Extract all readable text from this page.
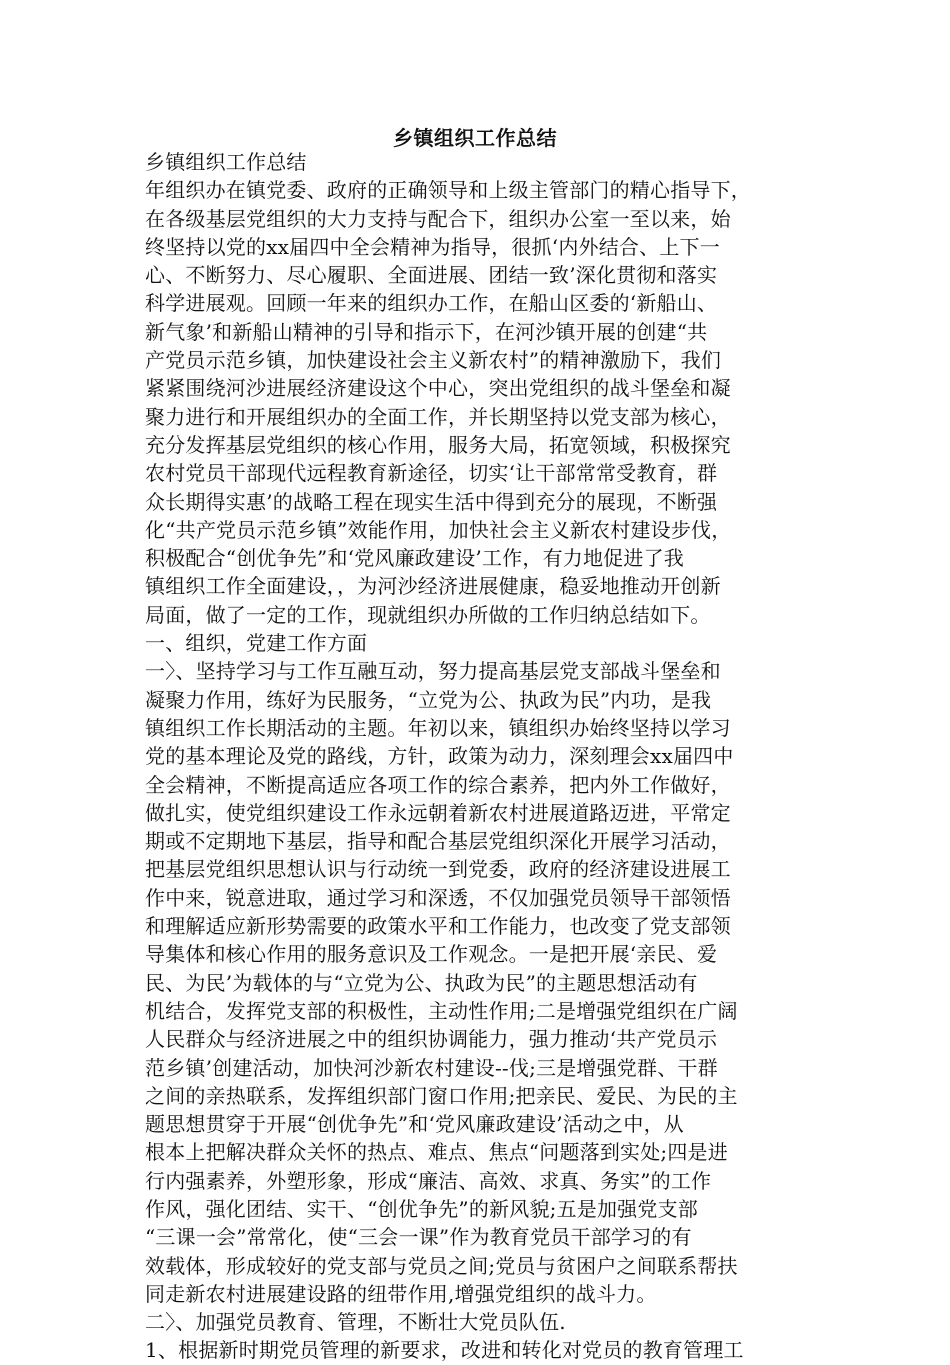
乡镇组织工作总结
乡镇组织工作总结
年组织办在镇党委、政府的正确领导和上级主管部门的精心指导下，
在各级基层党组织的大力支持与配合下，组织办公室一至以来，始
终坚持以党的xx届四中全会精神为指导，很抓‘内外结合、上下一
心、不断努力、尽心履职、全面进展、团结一致’深化贯彻和落实
科学进展观。回顾一年来的组织办工作，在船山区委的‘新船山、
新气象’和新船山精神的引导和指示下，在河沙镇开展的创建“共
产党员示范乡镇，加快建设社会主义新农村”的精神激励下，我们
紧紧围绕河沙进展经济建设这个中心，突出党组织的战斗堡垒和凝
聚力进行和开展组织办的全面工作，并长期坚持以党支部为核心，
充分发挥基层党组织的核心作用，服务大局，拓宽领域，积极探究
农村党员干部现代远程教育新途径，切实‘让干部常常受教育，群
众长期得实惠’的战略工程在现实生活中得到充分的展现，不断强
化“共产党员示范乡镇”效能作用，加快社会主义新农村建设步伐，
积极配合“创优争先”和‘党风廉政建设’工作，有力地促进了我
镇组织工作全面建设，，为河沙经济进展健康，稳妥地推动开创新
局面，做了一定的工作，现就组织办所做的工作归纳总结如下。
一、组织，党建工作方面
一〉、坚持学习与工作互融互动，努力提高基层党支部战斗堡垒和
凝聚力作用，练好为民服务，“立党为公、执政为民”内功，是我
镇组织工作长期活动的主题。年初以来，镇组织办始终坚持以学习
党的基本理论及党的路线，方针，政策为动力，深刻理会xx届四中
全会精神，不断提高适应各项工作的综合素养，把内外工作做好，
做扎实，使党组织建设工作永远朝着新农村进展道路迈进，平常定
期或不定期地下基层，指导和配合基层党组织深化开展学习活动，
把基层党组织思想认识与行动统一到党委，政府的经济建设进展工
作中来，锐意进取，通过学习和深透，不仅加强党员领导干部领悟
和理解适应新形势需要的政策水平和工作能力，也改变了党支部领
导集体和核心作用的服务意识及工作观念。一是把开展‘亲民、爱
民、为民’为载体的与“立党为公、执政为民”的主题思想活动有
机结合，发挥党支部的积极性，主动性作用;二是增强党组织在广阔
人民群众与经济进展之中的组织协调能力，强力推动‘共产党员示
范乡镇’创建活动，加快河沙新农村建设--伐;三是增强党群、干群
之间的亲热联系，发挥组织部门窗口作用;把亲民、爱民、为民的主
题思想贯穿于开展“创优争先”和‘党风廉政建设’活动之中，从
根本上把解决群众关怀的热点、难点、焦点“问题落到实处;四是进
行内强素养，外塑形象，形成“廉洁、高效、求真、务实”的工作
作风，强化团结、实干、“创优争先”的新风貌;五是加强党支部
“三课一会”常常化，使“三会一课”作为教育党员干部学习的有
效载体，形成较好的党支部与党员之间;党员与贫困户之间联系帮扶
同走新农村进展建设路的纽带作用,增强党组织的战斗力。
二〉、加强党员教育、管理，不断壮大党员队伍.
1、根据新时期党员管理的新要求，改进和转化对党员的教育管理工
